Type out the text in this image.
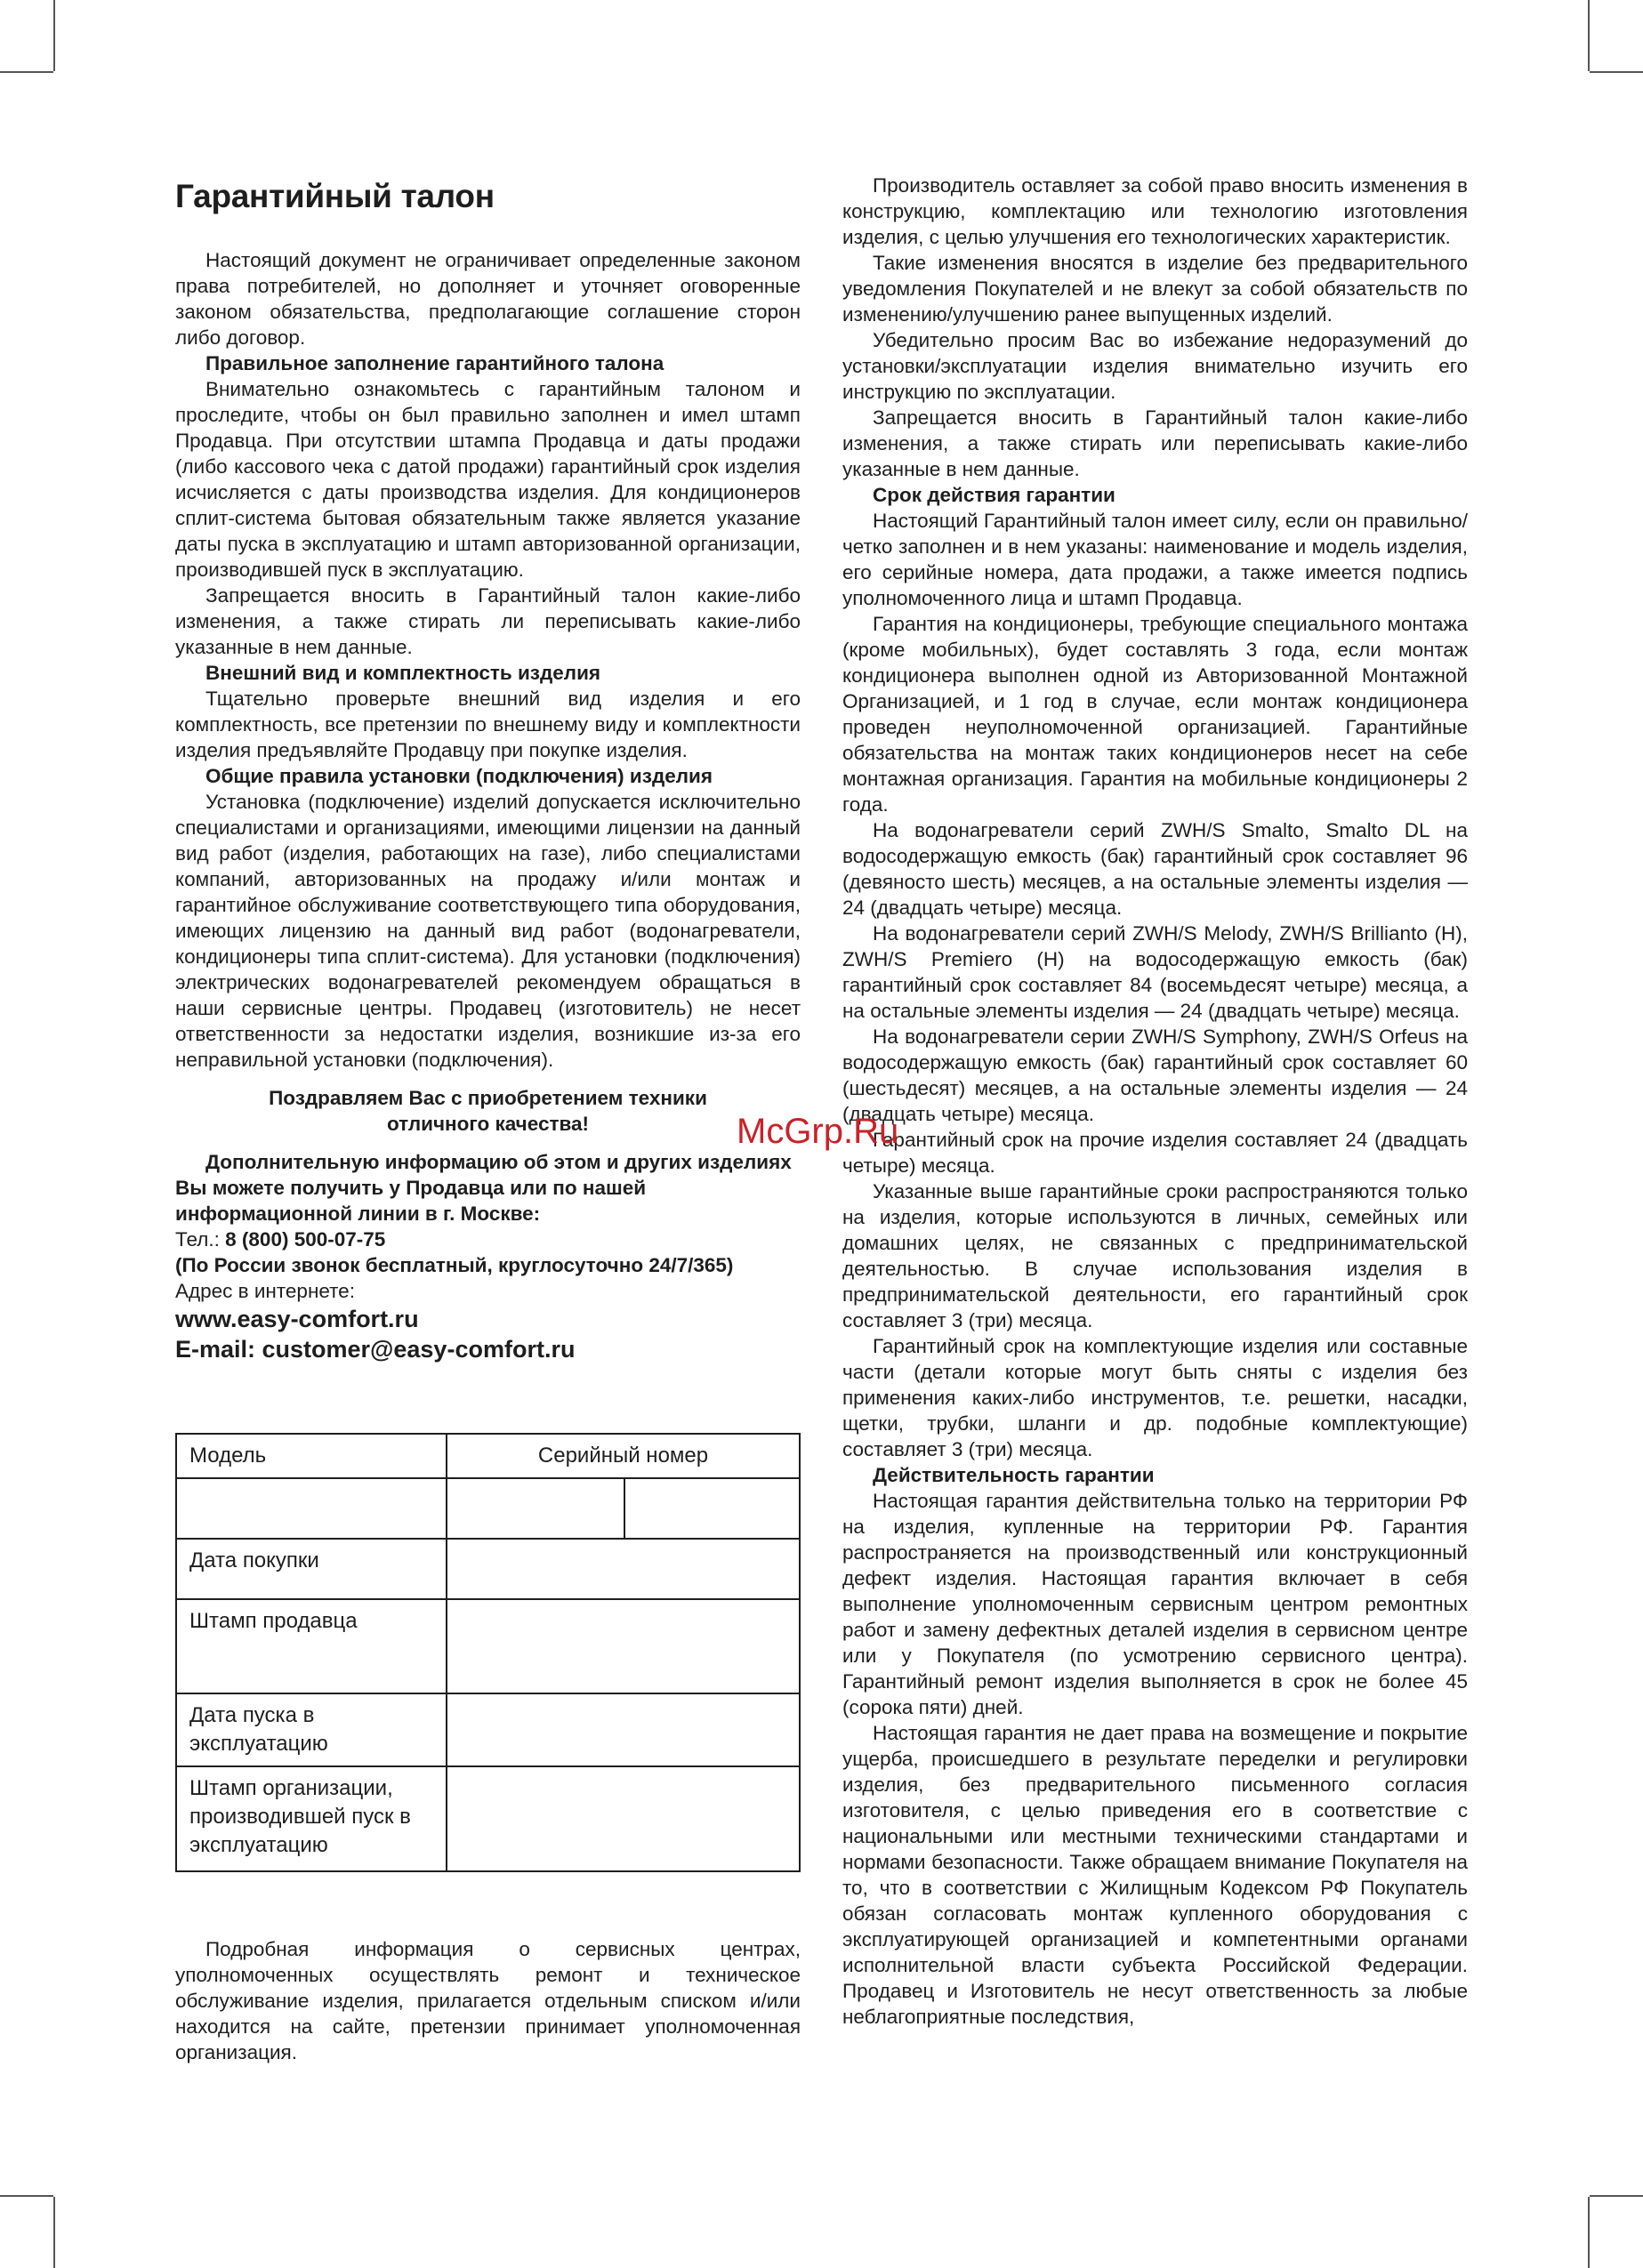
Гарантийный талон

Настоящий документ не ограничивает определенные законом права потребителей, но дополняет и уточняет оговоренные законом обязательства, предполагающие соглашение сторон либо договор.

Правильное заполнение гарантийного талона

Внимательно ознакомьтесь с гарантийным талоном и проследите, чтобы он был правильно заполнен и имел штамп Продавца. При отсутствии штампа Продавца и даты продажи (либо кассового чека с датой продажи) гарантийный срок изделия исчисляется с даты производства изделия. Для кондиционеров сплит-система бытовая обязательным также является указание даты пуска в эксплуатацию и штамп авторизованной организации, производившей пуск в эксплуатацию.

Запрещается вносить в Гарантийный талон какие-либо изменения, а также стирать ли переписывать какие-либо указанные в нем данные.

Внешний вид и комплектность изделия

Тщательно проверьте внешний вид изделия и его комплектность, все претензии по внешнему виду и комплектности изделия предъявляйте Продавцу при покупке изделия.

Общие правила установки (подключения) изделия

Установка (подключение) изделий допускается исключительно специалистами и организациями, имеющими лицензии на данный вид работ (изделия, работающих на газе), либо специалистами компаний, авторизованных на продажу и/или монтаж и гарантийное обслуживание соответствующего типа оборудования, имеющих лицензию на данный вид работ (водонагреватели, кондиционеры типа сплит-система). Для установки (подключения) электрических водонагревателей рекомендуем обращаться в наши сервисные центры. Продавец (изготовитель) не несет ответственности за недостатки изделия, возникшие из-за его неправильной установки (подключения).

Поздравляем Вас с приобретением техники
отличного качества!

Дополнительную информацию об этом и других изделиях Вы можете получить у Продавца или по нашей информационной линии в г. Москве:

Тел.: 8 (800) 500-07-75

(По России звонок бесплатный, круглосуточно 24/7/365)

Адрес в интернете:

www.easy-comfort.ru

E-mail: customer@easy-comfort.ru

Модель	Серийный номер	

Дата покупки		
Штамп продавца		
Дата пуска в эксплуатацию		
Штамп организации, производившей пуск в эксплуатацию		

Подробная информация о сервисных центрах, уполномоченных осуществлять ремонт и техническое обслуживание изделия, прилагается отдельным списком и/или находится на сайте, претензии принимает уполномоченная организация.

Производитель оставляет за собой право вносить изменения в конструкцию, комплектацию или технологию изготовления изделия, с целью улучшения его технологических характеристик.

Такие изменения вносятся в изделие без предварительного уведомления Покупателей и не влекут за собой обязательств по изменению/улучшению ранее выпущенных изделий.

Убедительно просим Вас во избежание недоразумений до установки/эксплуатации изделия внимательно изучить его инструкцию по эксплуатации.

Запрещается вносить в Гарантийный талон какие-либо изменения, а также стирать или переписывать какие-либо указанные в нем данные.

Срок действия гарантии

Настоящий Гарантийный талон имеет силу, если он правильно/четко заполнен и в нем указаны: наименование и модель изделия, его серийные номера, дата продажи, а также имеется подпись уполномоченного лица и штамп Продавца.

Гарантия на кондиционеры, требующие специального монтажа (кроме мобильных), будет составлять 3 года, если монтаж кондиционера выполнен одной из Авторизованной Монтажной Организацией, и 1 год в случае, если монтаж кондиционера проведен неуполномоченной организацией. Гарантийные обязательства на монтаж таких кондиционеров несет на себе монтажная организация. Гарантия на мобильные кондиционеры 2 года.

На водонагреватели серий ZWH/S Smalto, Smalto DL на водосодержащую емкость (бак) гарантийный срок составляет 96 (девяносто шесть) месяцев, а на остальные элементы изделия — 24 (двадцать четыре) месяца.

На водонагреватели серий ZWH/S Melody, ZWH/S Brillianto (H), ZWH/S Premiero (H) на водосодержащую емкость (бак) гарантийный срок составляет 84 (восемьдесят четыре) месяца, а на остальные элементы изделия — 24 (двадцать четыре) месяца.

На водонагреватели серии ZWH/S Symphony, ZWH/S Orfeus на водосодержащую емкость (бак) гарантийный срок составляет 60 (шестьдесят) месяцев, а на остальные элементы изделия — 24 (двадцать четыре) месяца.

Гарантийный срок на прочие изделия составляет 24 (двадцать четыре) месяца.

Указанные выше гарантийные сроки распространяются только на изделия, которые используются в личных, семейных или домашних целях, не связанных с предпринимательской деятельностью. В случае использования изделия в предпринимательской деятельности, его гарантийный срок составляет 3 (три) месяца.

Гарантийный срок на комплектующие изделия или составные части (детали которые могут быть сняты с изделия без применения каких-либо инструментов, т.е. решетки, насадки, щетки, трубки, шланги и др. подобные комплектующие) составляет 3 (три) месяца.

Действительность гарантии

Настоящая гарантия действительна только на территории РФ на изделия, купленные на территории РФ. Гарантия распространяется на производственный или конструкционный дефект изделия. Настоящая гарантия включает в себя выполнение уполномоченным сервисным центром ремонтных работ и замену дефектных деталей изделия в сервисном центре или у Покупателя (по усмотрению сервисного центра). Гарантийный ремонт изделия выполняется в срок не более 45 (сорока пяти) дней.

Настоящая гарантия не дает права на возмещение и покрытие ущерба, происшедшего в результате переделки и регулировки изделия, без предварительного письменного согласия изготовителя, с целью приведения его в соответствие с национальными или местными техническими стандартами и нормами безопасности. Также обращаем внимание Покупателя на то, что в соответствии с Жилищным Кодексом РФ Покупатель обязан согласовать монтаж купленного оборудования с эксплуатирующей организацией и компетентными органами исполнительной власти субъекта Российской Федерации. Продавец и Изготовитель не несут ответственность за любые неблагоприятные последствия,

McGrp.Ru
